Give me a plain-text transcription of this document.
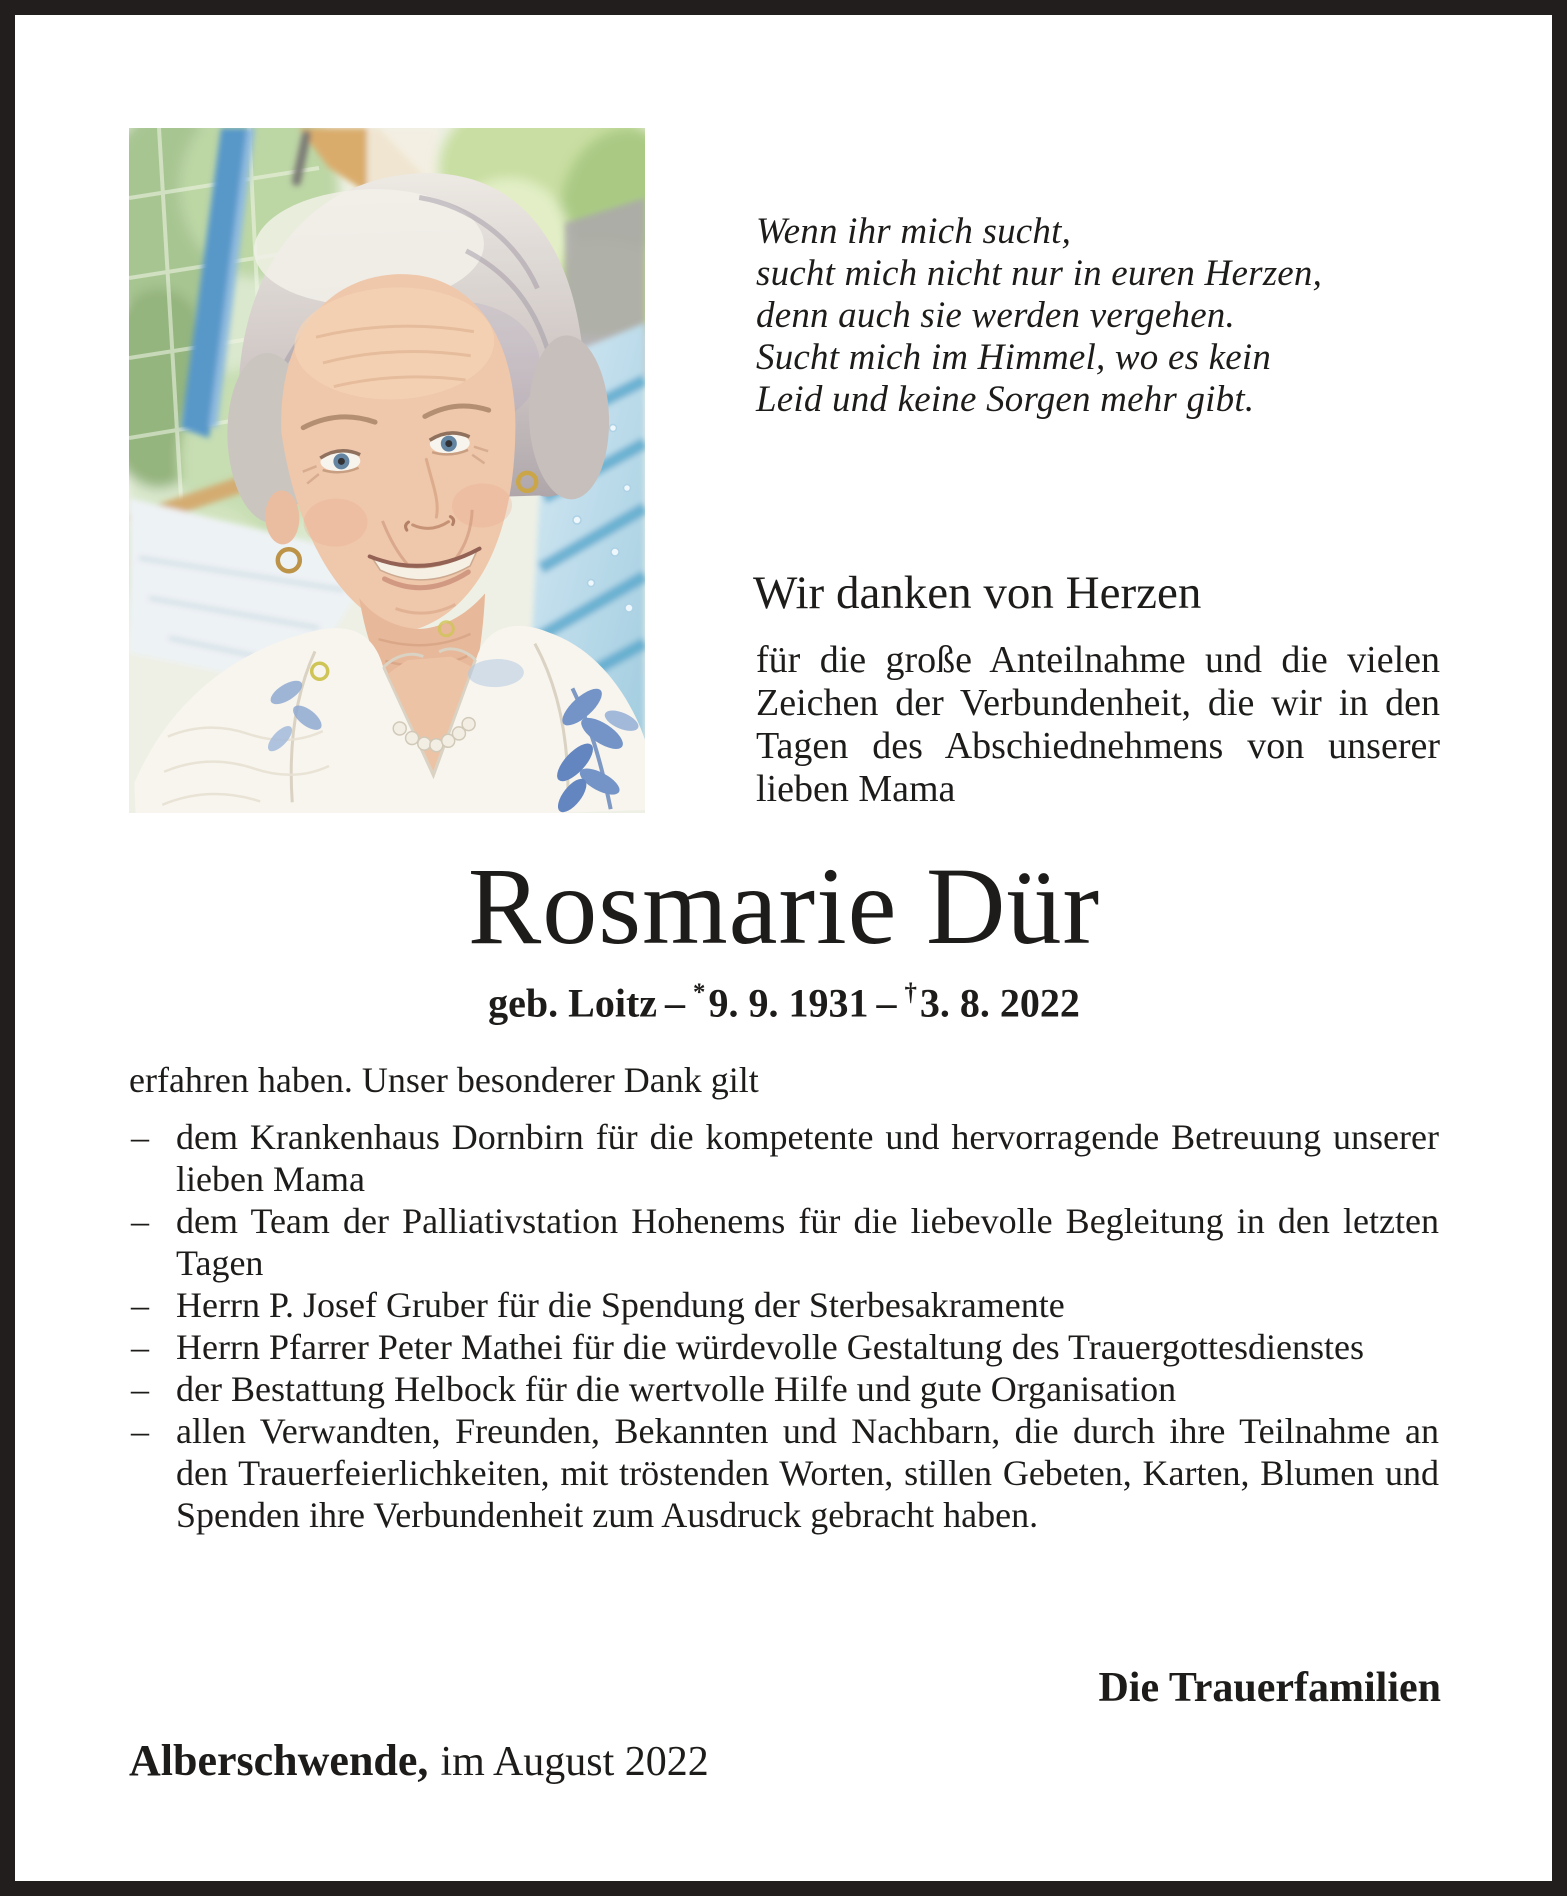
Wenn ihr mich sucht,
sucht mich nicht nur in euren Herzen,
denn auch sie werden vergehen.
Sucht mich im Himmel, wo es kein
Leid und keine Sorgen mehr gibt.
Wir danken von Herzen
für die große Anteilnahme und die vielen Zeichen der Verbundenheit, die wir in den Tagen des Abschiednehmens von unserer lieben Mama
Rosmarie Dür
geb. Loitz – *9. 9. 1931 – †3. 8. 2022

erfahren haben. Unser besonderer Dank gilt

– dem Krankenhaus Dornbirn für die kompetente und hervorragende Betreuung unserer lieben Mama
– dem Team der Palliativstation Hohenems für die liebevolle Begleitung in den letzten Tagen
– Herrn P. Josef Gruber für die Spendung der Sterbesakramente
– Herrn Pfarrer Peter Mathei für die würdevolle Gestaltung des Trauergottesdienstes
– der Bestattung Helbock für die wertvolle Hilfe und gute Organisation
– allen Verwandten, Freunden, Bekannten und Nachbarn, die durch ihre Teilnahme an den Trauerfeierlichkeiten, mit tröstenden Worten, stillen Gebeten, Karten, Blumen und Spenden ihre Verbundenheit zum Ausdruck gebracht haben.
Die Trauerfamilien
Alberschwende, im August 2022
